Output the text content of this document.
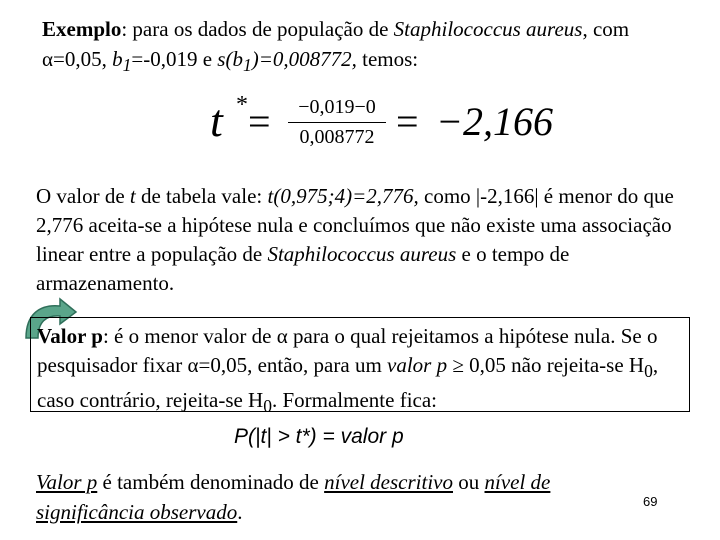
Exemplo: para os dados de população de Staphilococcus aureus, com α=0,05, $b_1=-0,019$ e $s(b_1)=0,008772$, temos:
t * = $\frac{-0,019-0}{0,008772} = -2,166$
O valor de t de tabela vale: t(0,975;4)=2,776, como |-2,166| é menor do que 2,776 aceita-se a hipótese nula e concluímos que não existe uma associação linear entre a população de Staphilococcus aureus e o tempo de armazenamento.
Valor p: é o menor valor de α para o qual rejeitamos a hipótese nula. Se o pesquisador fixar α=0,05, então, para um valor p ≥ 0,05 não rejeita-se $H_0$, caso contrário, rejeita-se $H_0$. Formalmente fica:
P(|t| > t*) = valor p
Valor p é também denominado de nível descritivo ou nível de significância observado.	69
